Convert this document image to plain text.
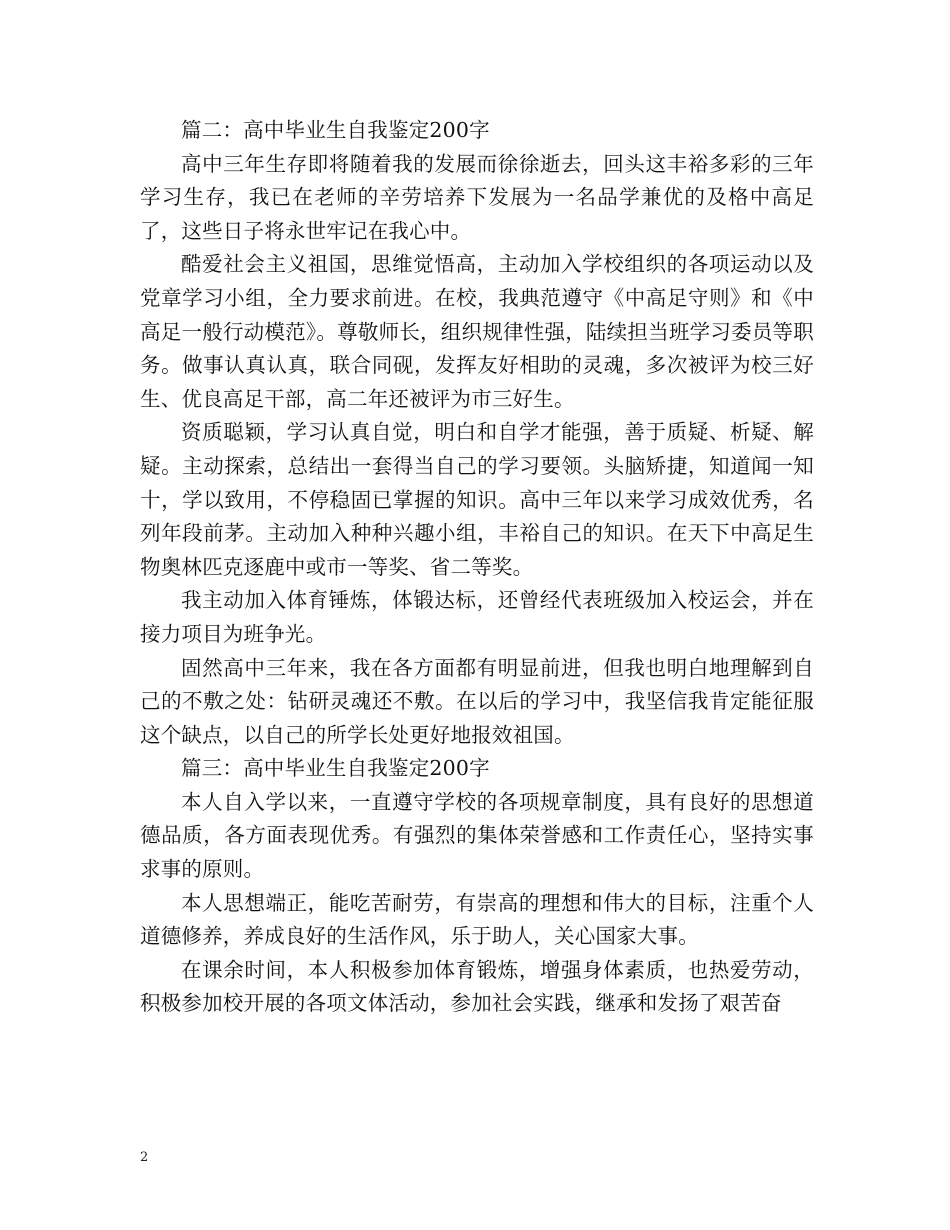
篇二：高中毕业生自我鉴定200字

高中三年生存即将随着我的发展而徐徐逝去，回头这丰裕多彩的三年学习生存，我已在老师的辛劳培养下发展为一名品学兼优的及格中高足了，这些日子将永世牢记在我心中。

酷爱社会主义祖国，思维觉悟高，主动加入学校组织的各项运动以及党章学习小组，全力要求前进。在校，我典范遵守《中高足守则》和《中高足一般行动模范》。尊敬师长，组织规律性强，陆续担当班学习委员等职务。做事认真认真，联合同砚，发挥友好相助的灵魂，多次被评为校三好生、优良高足干部，高二年还被评为市三好生。

资质聪颖，学习认真自觉，明白和自学才能强，善于质疑、析疑、解疑。主动探索，总结出一套得当自己的学习要领。头脑矫捷，知道闻一知十，学以致用，不停稳固已掌握的知识。高中三年以来学习成效优秀，名列年段前茅。主动加入种种兴趣小组，丰裕自己的知识。在天下中高足生物奥林匹克逐鹿中或市一等奖、省二等奖。

我主动加入体育锤炼，体锻达标，还曾经代表班级加入校运会，并在接力项目为班争光。

固然高中三年来，我在各方面都有明显前进，但我也明白地理解到自己的不敷之处：钻研灵魂还不敷。在以后的学习中，我坚信我肯定能征服这个缺点，以自己的所学长处更好地报效祖国。

篇三：高中毕业生自我鉴定200字

本人自入学以来，一直遵守学校的各项规章制度，具有良好的思想道　德品质，各方面表现优秀。有强烈的集体荣誉感和工作责任心，坚持实事求事的原则。

本人思想端正，能吃苦耐劳，有崇高的理想和伟大的目标，注重个人道德修养，养成良好的生活作风，乐于助人，关心国家大事。

在课余时间，本人积极参加体育锻炼，增强身体素质，也热爱劳动，积极参加校开展的各项文体活动，参加社会实践，继承和发扬了艰苦奋

2
